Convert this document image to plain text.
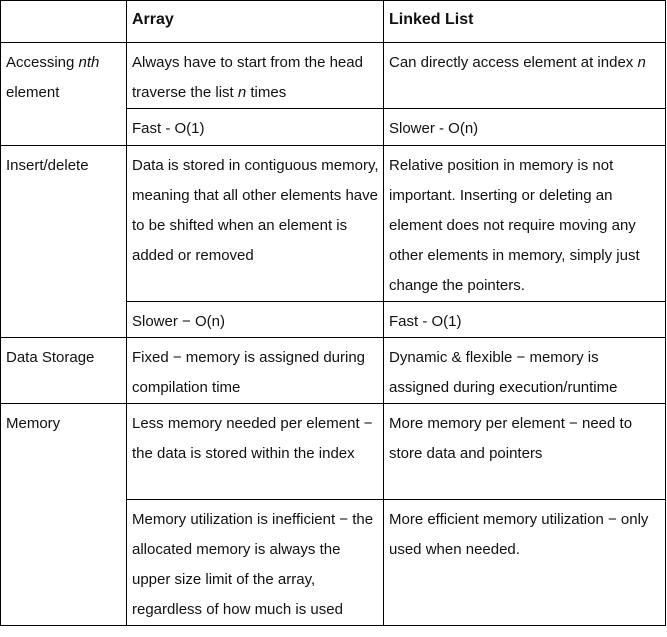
	Array	Linked List
Accessing nth element	Always have to start from the head traverse the list n times	Can directly access element at index n
	Fast - O(1)	Slower - O(n)
Insert/delete	Data is stored in contiguous memory, meaning that all other elements have to be shifted when an element is added or removed	Relative position in memory is not important. Inserting or deleting an element does not require moving any other elements in memory, simply just change the pointers.
	Slower − O(n)	Fast - O(1)
Data Storage	Fixed − memory is assigned during compilation time	Dynamic & flexible − memory is assigned during execution/runtime
Memory	Less memory needed per element − the data is stored within the index	More memory per element − need to store data and pointers
	Memory utilization is inefficient − the allocated memory is always the upper size limit of the array, regardless of how much is used	More efficient memory utilization − only used when needed.
